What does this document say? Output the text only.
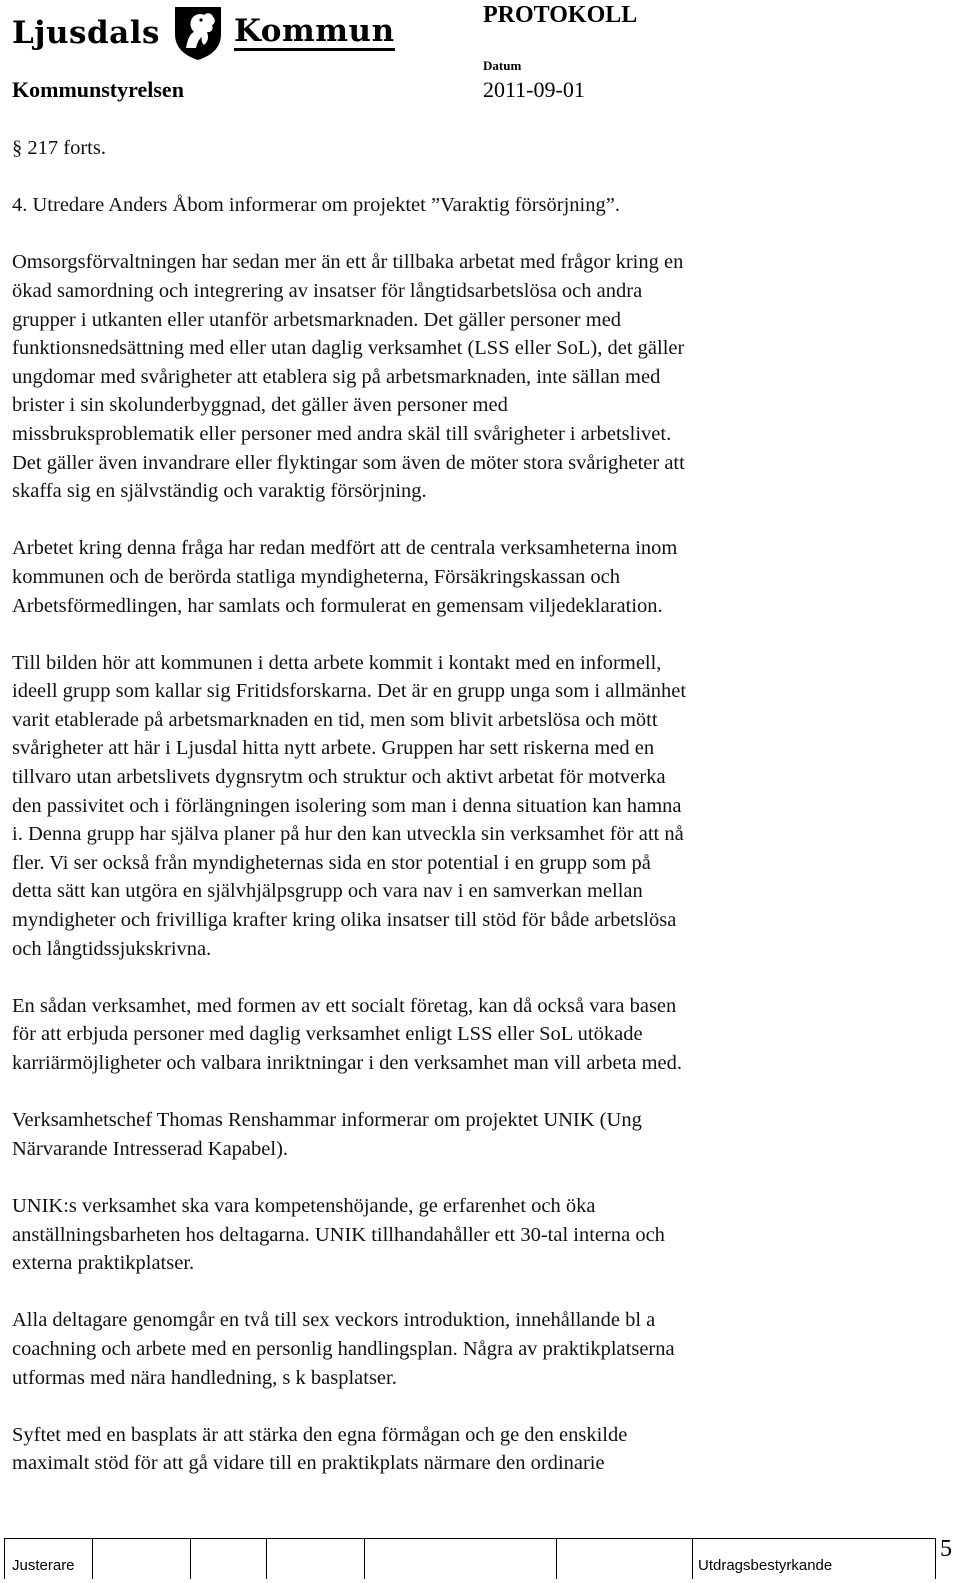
Ljusdals Kommun	PROTOKOLL
Datum
Kommunstyrelsen	2011-09-01

§ 217 forts.

4. Utredare Anders Åbom informerar om projektet ”Varaktig försörjning”.

Omsorgsförvaltningen har sedan mer än ett år tillbaka arbetat med frågor kring en

ökad samordning och integrering av insatser för långtidsarbetslösa och andra

grupper i utkanten eller utanför arbetsmarknaden. Det gäller personer med

funktionsnedsättning med eller utan daglig verksamhet (LSS eller SoL), det gäller

ungdomar med svårigheter att etablera sig på arbetsmarknaden, inte sällan med

brister i sin skolunderbyggnad, det gäller även personer med

missbruksproblematik eller personer med andra skäl till svårigheter i arbetslivet.

Det gäller även invandrare eller flyktingar som även de möter stora svårigheter att

skaffa sig en självständig och varaktig försörjning.

Arbetet kring denna fråga har redan medfört att de centrala verksamheterna inom

kommunen och de berörda statliga myndigheterna, Försäkringskassan och

Arbetsförmedlingen, har samlats och formulerat en gemensam viljedeklaration.

Till bilden hör att kommunen i detta arbete kommit i kontakt med en informell,

ideell grupp som kallar sig Fritidsforskarna. Det är en grupp unga som i allmänhet

varit etablerade på arbetsmarknaden en tid, men som blivit arbetslösa och mött

svårigheter att här i Ljusdal hitta nytt arbete. Gruppen har sett riskerna med en

tillvaro utan arbetslivets dygnsrytm och struktur och aktivt arbetat för motverka

den passivitet och i förlängningen isolering som man i denna situation kan hamna

i. Denna grupp har själva planer på hur den kan utveckla sin verksamhet för att nå

fler. Vi ser också från myndigheternas sida en stor potential i en grupp som på

detta sätt kan utgöra en självhjälpsgrupp och vara nav i en samverkan mellan

myndigheter och frivilliga krafter kring olika insatser till stöd för både arbetslösa

och långtidssjukskrivna.

En sådan verksamhet, med formen av ett socialt företag, kan då också vara basen

för att erbjuda personer med daglig verksamhet enligt LSS eller SoL utökade

karriärmöjligheter och valbara inriktningar i den verksamhet man vill arbeta med.

Verksamhetschef Thomas Renshammar informerar om projektet UNIK (Ung

Närvarande Intresserad Kapabel).

UNIK:s verksamhet ska vara kompetenshöjande, ge erfarenhet och öka

anställningsbarheten hos deltagarna. UNIK tillhandahåller ett 30-tal interna och

externa praktikplatser.

Alla deltagare genomgår en två till sex veckors introduktion, innehållande bl a

coachning och arbete med en personlig handlingsplan. Några av praktikplatserna

utformas med nära handledning, s k basplatser.

Syftet med en basplats är att stärka den egna förmågan och ge den enskilde

maximalt stöd för att gå vidare till en praktikplats närmare den ordinarie

Justerare	Utdragsbestyrkande
5
